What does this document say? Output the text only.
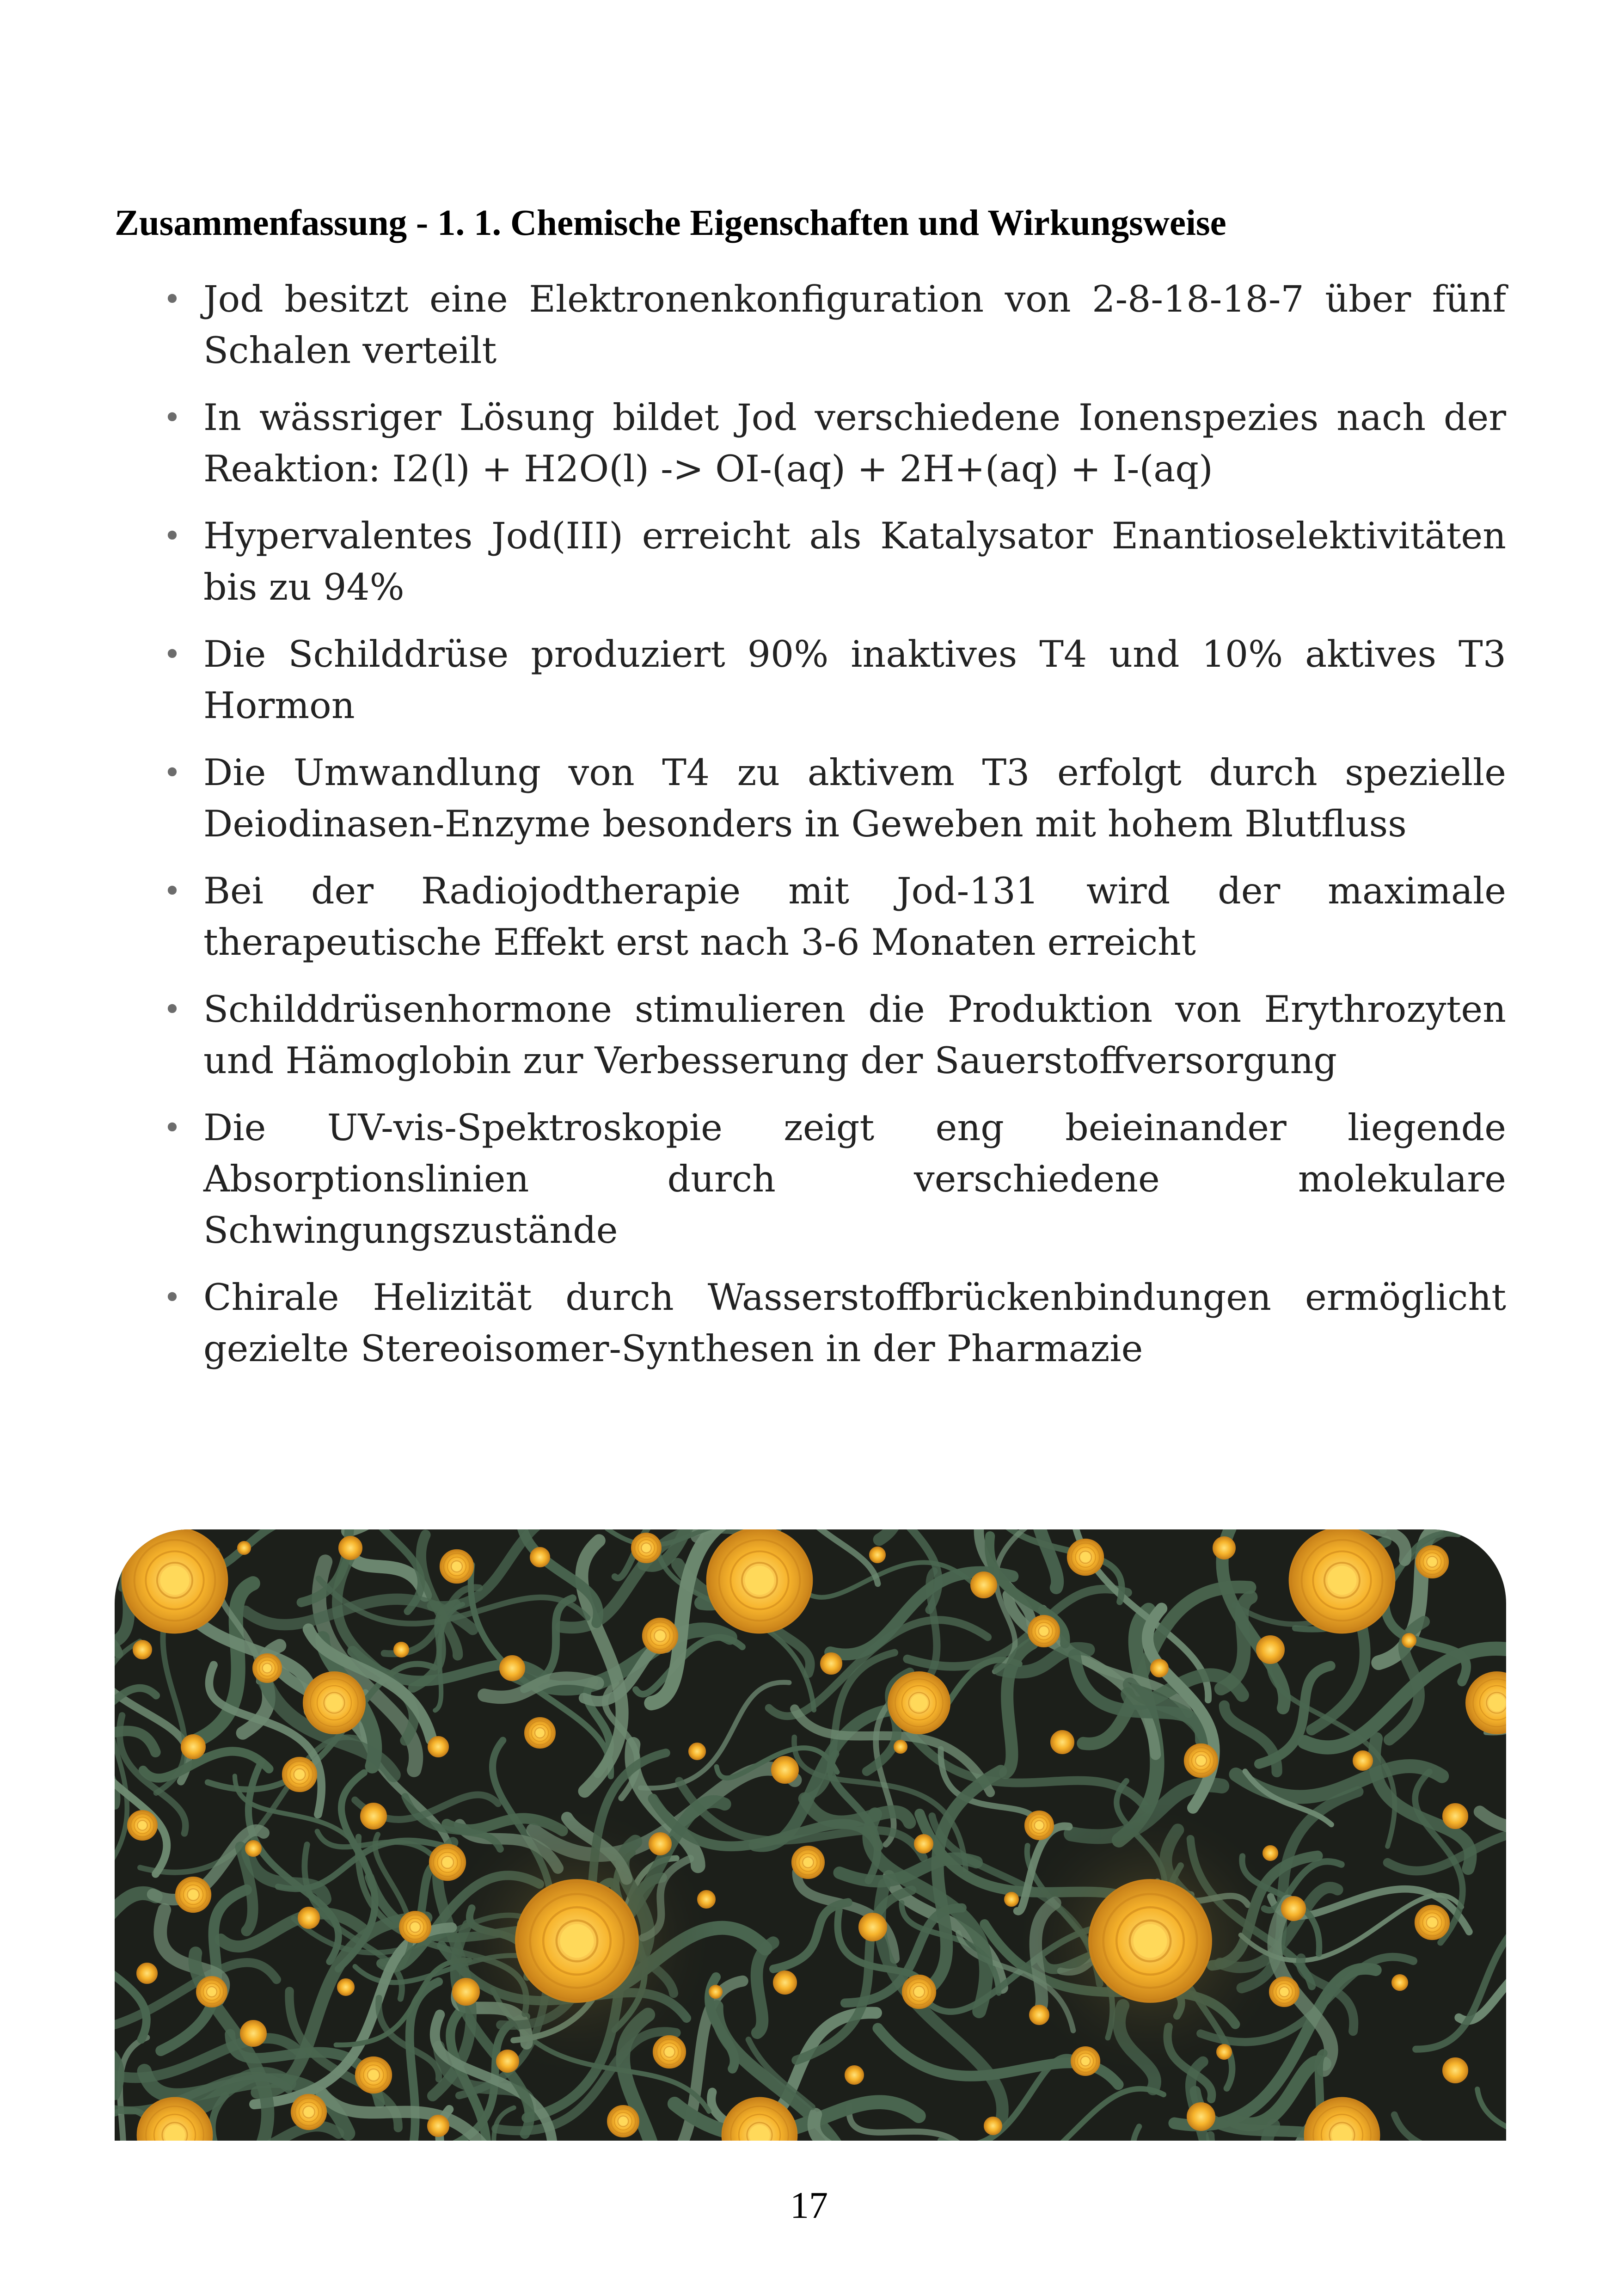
Zusammenfassung - 1. 1. Chemische Eigenschaften und Wirkungsweise
• Jod besitzt eine Elektronenkonfiguration von 2-8-18-18-7 über fünf Schalen verteilt
• In wässriger Lösung bildet Jod verschiedene Ionenspezies nach der Reaktion: I2(l) + H2O(l) -> OI-(aq) + 2H+(aq) + I-(aq)
• Hypervalentes Jod(III) erreicht als Katalysator Enantioselektivitäten bis zu 94%
• Die Schilddrüse produziert 90% inaktives T4 und 10% aktives T3 Hormon
• Die Umwandlung von T4 zu aktivem T3 erfolgt durch spezielle Deiodinasen-Enzyme besonders in Geweben mit hohem Blutfluss
• Bei der Radiojodtherapie mit Jod-131 wird der maximale therapeutische Effekt erst nach 3-6 Monaten erreicht
• Schilddrüsenhormone stimulieren die Produktion von Erythrozyten und Hämoglobin zur Verbesserung der Sauerstoffversorgung
• Die UV-vis-Spektroskopie zeigt eng beieinander liegende Absorptionslinien durch verschiedene molekulare Schwingungszustände
• Chirale Helizität durch Wasserstoffbrückenbindungen ermöglicht gezielte Stereoisomer-Synthesen in der Pharmazie
17
